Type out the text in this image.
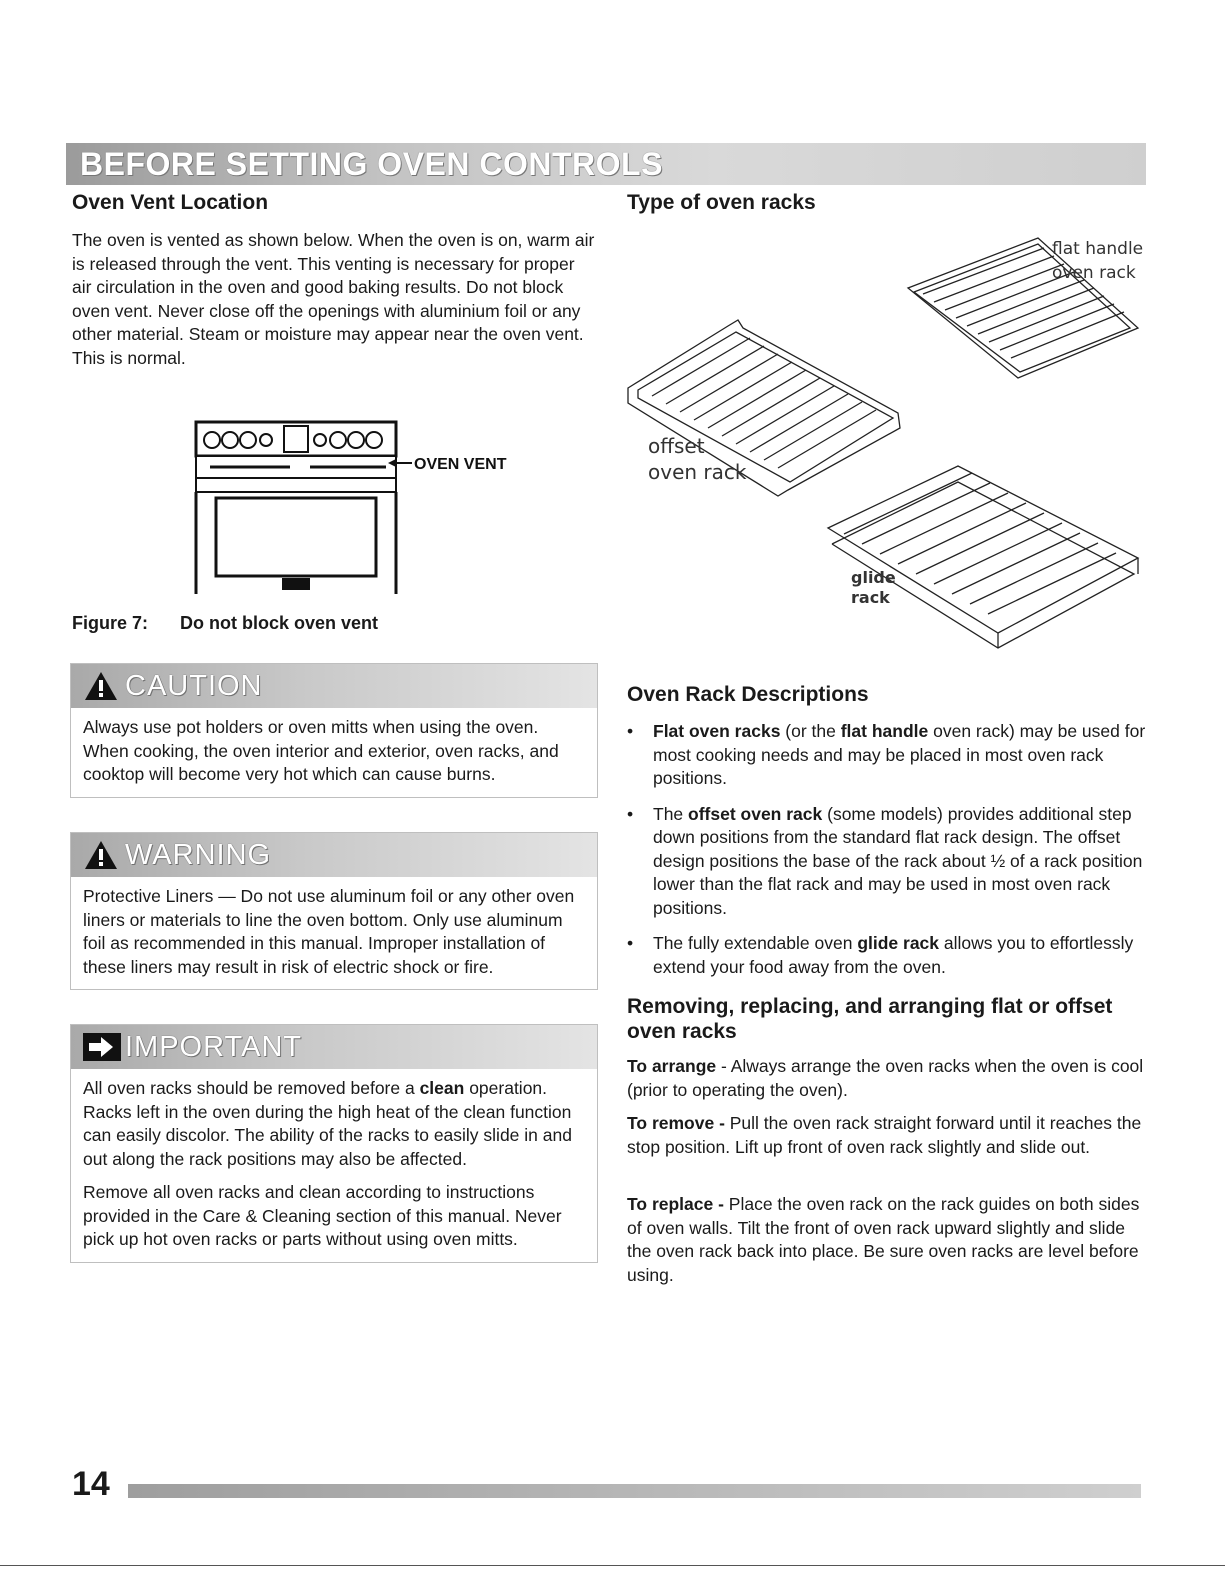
BEFORE SETTING OVEN CONTROLS
Oven Vent Location

The oven is vented as shown below. When the oven is on, warm air is released through the vent. This venting is necessary for proper air circulation in the oven and good baking results. Do not block oven vent. Never close off the openings with aluminium foil or any other material. Steam or moisture may appear near the oven vent. This is normal.

OVEN VENT
Figure 7: Do not block oven vent
CAUTION

Always use pot holders or oven mitts when using the oven. When cooking, the oven interior and exterior, oven racks, and cooktop will become very hot which can cause burns.

WARNING

Protective Liners — Do not use aluminum foil or any other oven liners or materials to line the oven bottom. Only use aluminum foil as recommended in this manual. Improper installation of these liners may result in risk of electric shock or fire.

IMPORTANT

All oven racks should be removed before a clean operation. Racks left in the oven during the high heat of the clean function can easily discolor. The ability of the racks to easily slide in and out along the rack positions may also be affected.

Remove all oven racks and clean according to instructions provided in the Care & Cleaning section of this manual. Never pick up hot oven racks or parts without using oven mitts.

Type of oven racks
flat handle
oven rack
offset
oven rack
glide
rack
Oven Rack Descriptions
• Flat oven racks (or the flat handle oven rack) may be used for most cooking needs and may be placed in most oven rack positions.
• The offset oven rack (some models) provides additional step down positions from the standard flat rack design. The offset design positions the base of the rack about ½ of a rack position lower than the flat rack and may be used in most oven rack positions.
• The fully extendable oven glide rack allows you to effortlessly extend your food away from the oven.
Removing, replacing, and arranging flat or offset oven racks

To arrange - Always arrange the oven racks when the oven is cool (prior to operating the oven).

To remove - Pull the oven rack straight forward until it reaches the stop position. Lift up front of oven rack slightly and slide out.

To replace - Place the oven rack on the rack guides on both sides of oven walls. Tilt the front of oven rack upward slightly and slide the oven rack back into place. Be sure oven racks are level before using.

14
